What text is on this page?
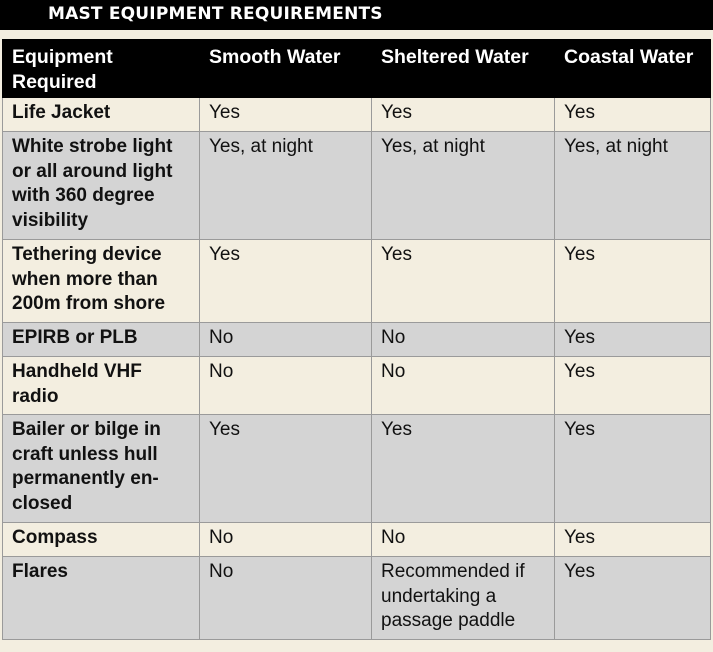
MAST EQUIPMENT REQUIREMENTS
Equipment Required	Smooth Water	Sheltered Water	Coastal Water
Life Jacket	Yes	Yes	Yes
White strobe light or all around light with 360 degree visibility	Yes, at night	Yes, at night	Yes, at night
Tethering device when more than 200m from shore	Yes	Yes	Yes
EPIRB or PLB	No	No	Yes
Handheld VHF radio	No	No	Yes
Bailer or bilge in craft unless hull permanently en-closed	Yes	Yes	Yes
Compass	No	No	Yes
Flares	No	Recommended if undertaking a passage paddle	Yes
